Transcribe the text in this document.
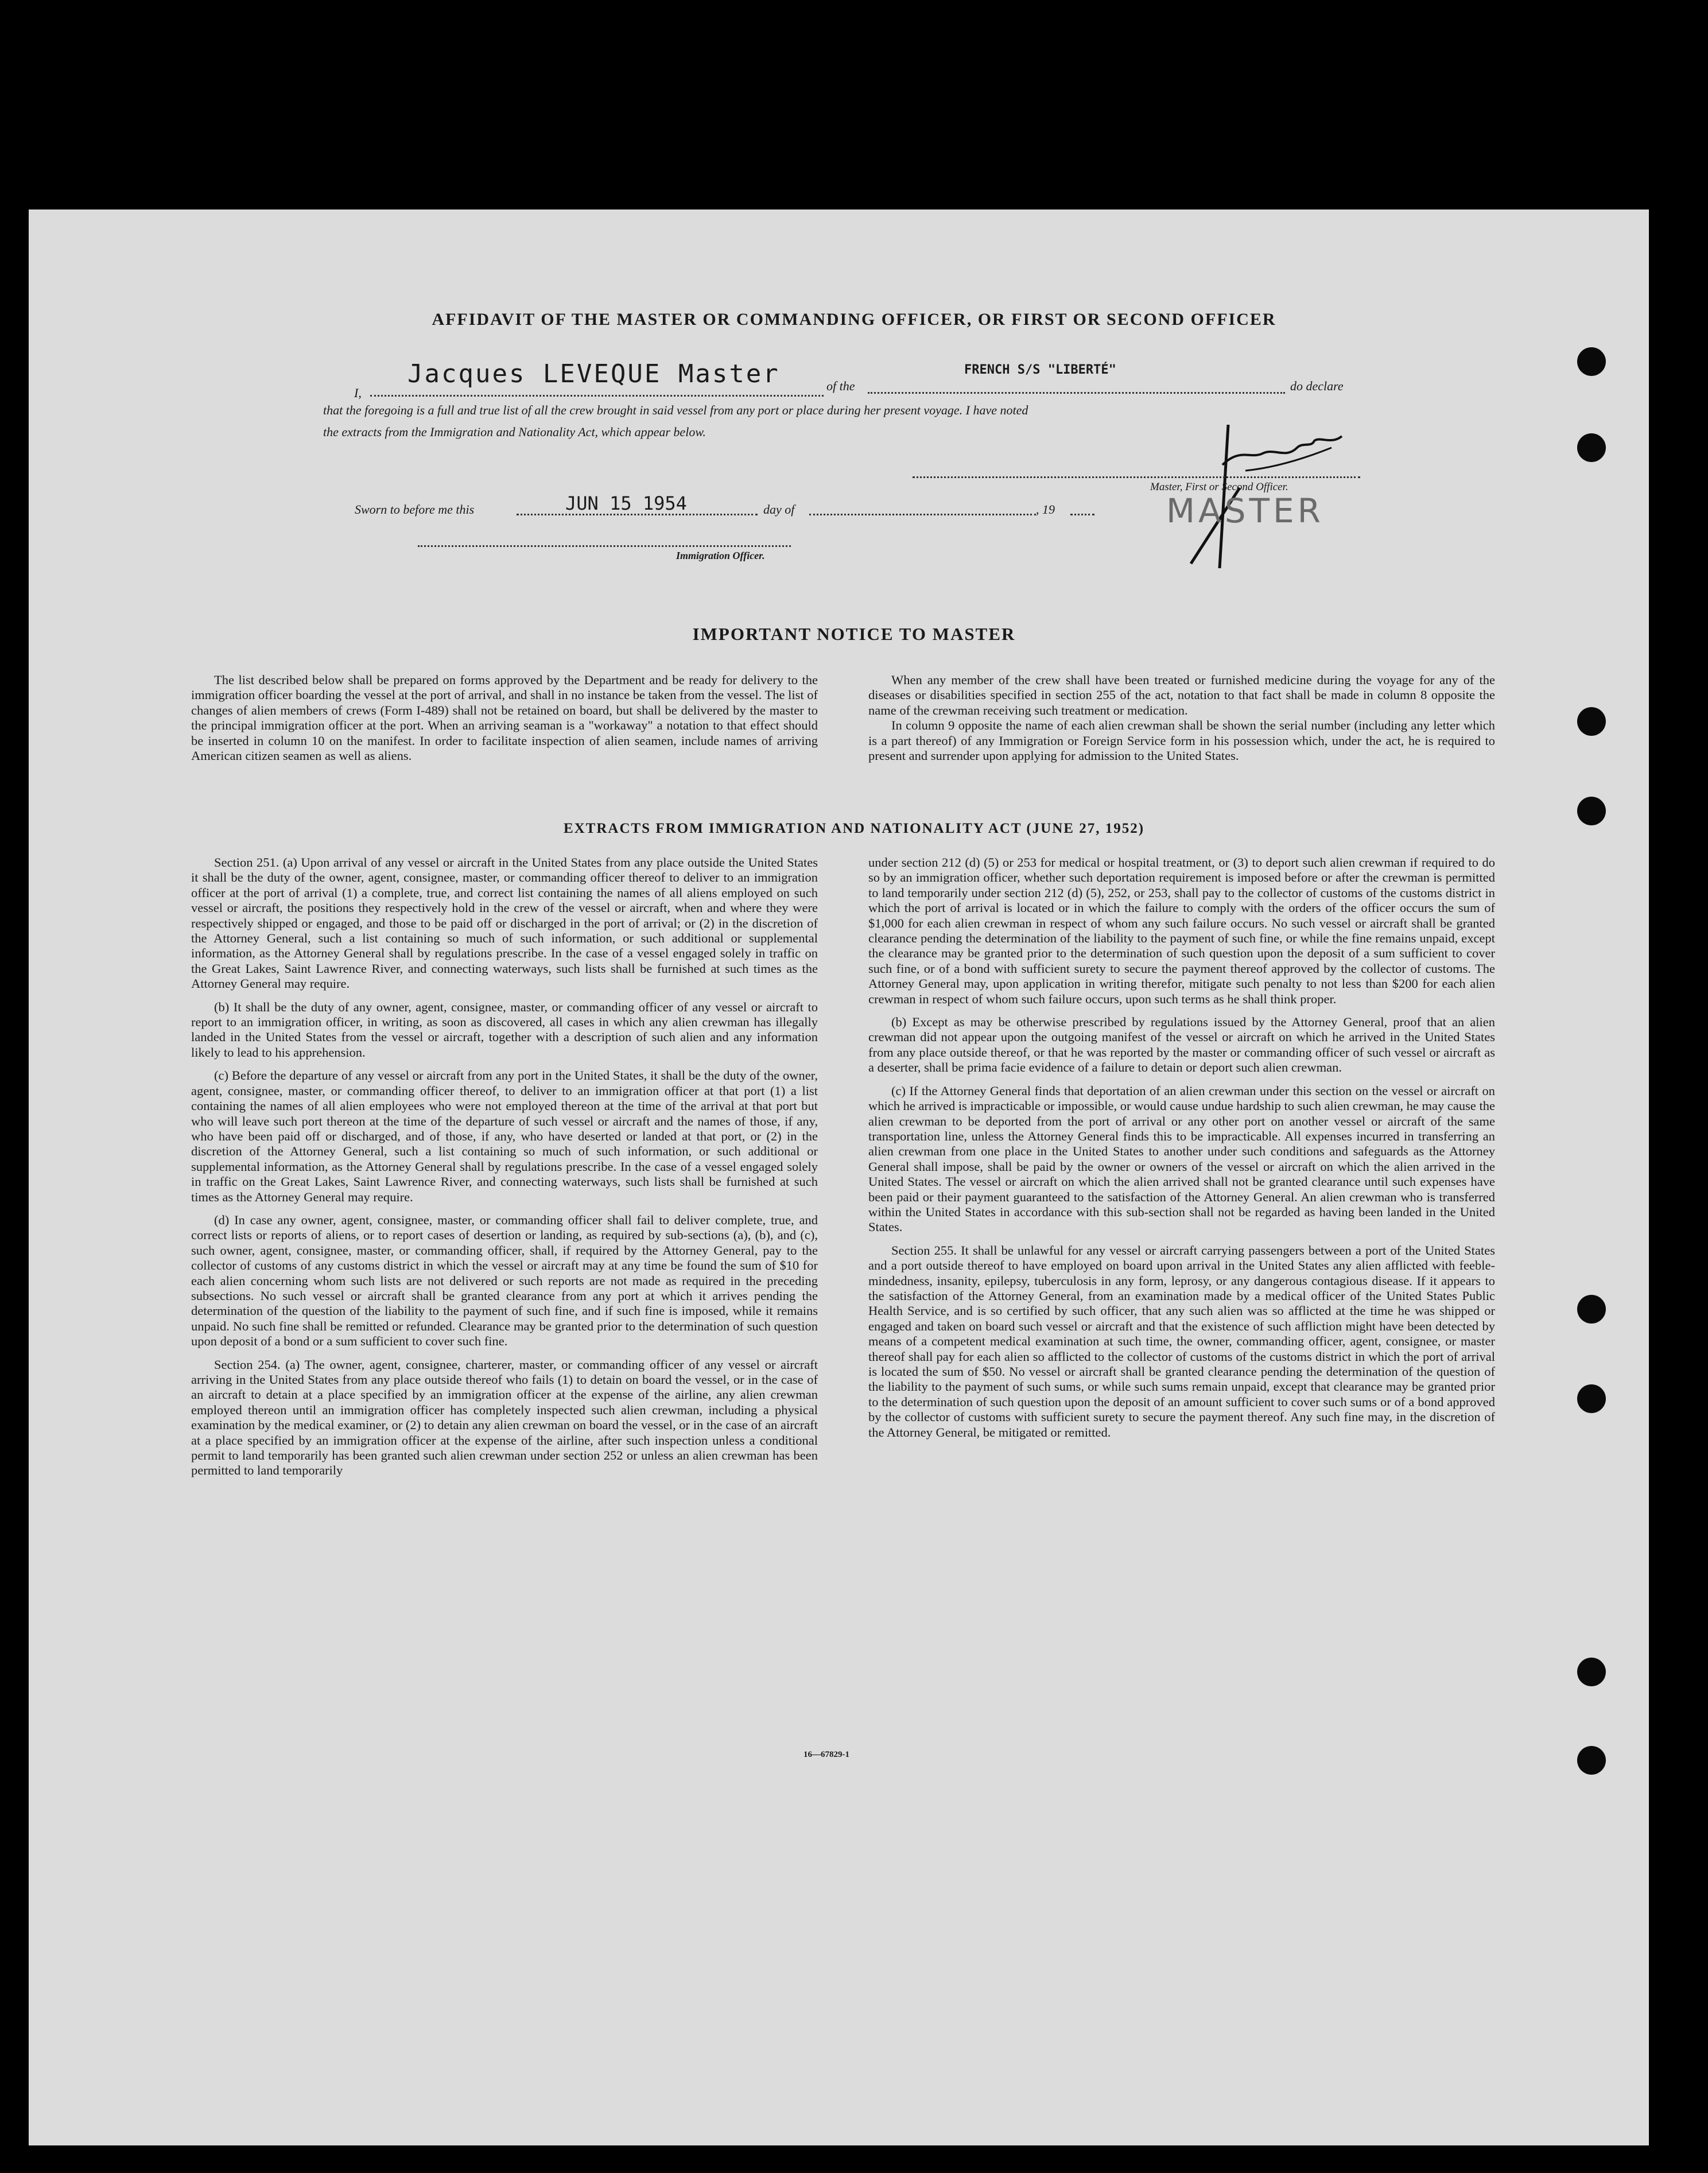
AFFIDAVIT OF THE MASTER OR COMMANDING OFFICER, OR FIRST OR SECOND OFFICER
I,
Jacques LEVEQUE Master	of the
FRENCH S/S "LIBERTÉ"
do declare
that the foregoing is a full and true list of all the crew brought in said vessel from any port or place during her present voyage. I have noted
the extracts from the Immigration and Nationality Act, which appear below.
Master, First or Second Officer.
MASTER
Sworn to before me this	JUN 15 1954	day of	, 19
Immigration Officer.
IMPORTANT NOTICE TO MASTER

The list described below shall be prepared on forms approved by the Department and be ready for delivery to the immigration officer boarding the vessel at the port of arrival, and shall in no instance be taken from the vessel. The list of changes of alien members of crews (Form I-489) shall not be retained on board, but shall be delivered by the master to the principal immigration officer at the port. When an arriving seaman is a "workaway" a notation to that effect should be inserted in column 10 on the manifest. In order to facilitate inspection of alien seamen, include names of arriving American citizen seamen as well as aliens.

When any member of the crew shall have been treated or furnished medicine during the voyage for any of the diseases or disabilities specified in section 255 of the act, notation to that fact shall be made in column 8 opposite the name of the crewman receiving such treatment or medication.

In column 9 opposite the name of each alien crewman shall be shown the serial number (including any letter which is a part thereof) of any Immigration or Foreign Service form in his possession which, under the act, he is required to present and surrender upon applying for admission to the United States.

EXTRACTS FROM IMMIGRATION AND NATIONALITY ACT (JUNE 27, 1952)

Section 251. (a) Upon arrival of any vessel or aircraft in the United States from any place outside the United States it shall be the duty of the owner, agent, consignee, master, or commanding officer thereof to deliver to an immigration officer at the port of arrival (1) a complete, true, and correct list containing the names of all aliens employed on such vessel or aircraft, the positions they respectively hold in the crew of the vessel or aircraft, when and where they were respectively shipped or engaged, and those to be paid off or discharged in the port of arrival; or (2) in the discretion of the Attorney General, such a list containing so much of such information, or such additional or supplemental information, as the Attorney General shall by regulations prescribe. In the case of a vessel engaged solely in traffic on the Great Lakes, Saint Lawrence River, and connecting waterways, such lists shall be furnished at such times as the Attorney General may require.

(b) It shall be the duty of any owner, agent, consignee, master, or commanding officer of any vessel or aircraft to report to an immigration officer, in writing, as soon as discovered, all cases in which any alien crewman has illegally landed in the United States from the vessel or aircraft, together with a description of such alien and any information likely to lead to his apprehension.

(c) Before the departure of any vessel or aircraft from any port in the United States, it shall be the duty of the owner, agent, consignee, master, or commanding officer thereof, to deliver to an immigration officer at that port (1) a list containing the names of all alien employees who were not employed thereon at the time of the arrival at that port but who will leave such port thereon at the time of the departure of such vessel or aircraft and the names of those, if any, who have been paid off or discharged, and of those, if any, who have deserted or landed at that port, or (2) in the discretion of the Attorney General, such a list containing so much of such information, or such additional or supplemental information, as the Attorney General shall by regulations prescribe. In the case of a vessel engaged solely in traffic on the Great Lakes, Saint Lawrence River, and connecting waterways, such lists shall be furnished at such times as the Attorney General may require.

(d) In case any owner, agent, consignee, master, or commanding officer shall fail to deliver complete, true, and correct lists or reports of aliens, or to report cases of desertion or landing, as required by sub-sections (a), (b), and (c), such owner, agent, consignee, master, or commanding officer, shall, if required by the Attorney General, pay to the collector of customs of any customs district in which the vessel or aircraft may at any time be found the sum of $10 for each alien concerning whom such lists are not delivered or such reports are not made as required in the preceding subsections. No such vessel or aircraft shall be granted clearance from any port at which it arrives pending the determination of the question of the liability to the payment of such fine, and if such fine is imposed, while it remains unpaid. No such fine shall be remitted or refunded. Clearance may be granted prior to the determination of such question upon deposit of a bond or a sum sufficient to cover such fine.

Section 254. (a) The owner, agent, consignee, charterer, master, or commanding officer of any vessel or aircraft arriving in the United States from any place outside thereof who fails (1) to detain on board the vessel, or in the case of an aircraft to detain at a place specified by an immigration officer at the expense of the airline, any alien crewman employed thereon until an immigration officer has completely inspected such alien crewman, including a physical examination by the medical examiner, or (2) to detain any alien crewman on board the vessel, or in the case of an aircraft at a place specified by an immigration officer at the expense of the airline, after such inspection unless a conditional permit to land temporarily has been granted such alien crewman under section 252 or unless an alien crewman has been permitted to land temporarily

under section 212 (d) (5) or 253 for medical or hospital treatment, or (3) to deport such alien crewman if required to do so by an immigration officer, whether such deportation requirement is imposed before or after the crewman is permitted to land temporarily under section 212 (d) (5), 252, or 253, shall pay to the collector of customs of the customs district in which the port of arrival is located or in which the failure to comply with the orders of the officer occurs the sum of $1,000 for each alien crewman in respect of whom any such failure occurs. No such vessel or aircraft shall be granted clearance pending the determination of the liability to the payment of such fine, or while the fine remains unpaid, except the clearance may be granted prior to the determination of such question upon the deposit of a sum sufficient to cover such fine, or of a bond with sufficient surety to secure the payment thereof approved by the collector of customs. The Attorney General may, upon application in writing therefor, mitigate such penalty to not less than $200 for each alien crewman in respect of whom such failure occurs, upon such terms as he shall think proper.

(b) Except as may be otherwise prescribed by regulations issued by the Attorney General, proof that an alien crewman did not appear upon the outgoing manifest of the vessel or aircraft on which he arrived in the United States from any place outside thereof, or that he was reported by the master or commanding officer of such vessel or aircraft as a deserter, shall be prima facie evidence of a failure to detain or deport such alien crewman.

(c) If the Attorney General finds that deportation of an alien crewman under this section on the vessel or aircraft on which he arrived is impracticable or impossible, or would cause undue hardship to such alien crewman, he may cause the alien crewman to be deported from the port of arrival or any other port on another vessel or aircraft of the same transportation line, unless the Attorney General finds this to be impracticable. All expenses incurred in transferring an alien crewman from one place in the United States to another under such conditions and safeguards as the Attorney General shall impose, shall be paid by the owner or owners of the vessel or aircraft on which the alien arrived in the United States. The vessel or aircraft on which the alien arrived shall not be granted clearance until such expenses have been paid or their payment guaranteed to the satisfaction of the Attorney General. An alien crewman who is transferred within the United States in accordance with this sub-section shall not be regarded as having been landed in the United States.

Section 255. It shall be unlawful for any vessel or aircraft carrying passengers between a port of the United States and a port outside thereof to have employed on board upon arrival in the United States any alien afflicted with feeble-mindedness, insanity, epilepsy, tuberculosis in any form, leprosy, or any dangerous contagious disease. If it appears to the satisfaction of the Attorney General, from an examination made by a medical officer of the United States Public Health Service, and is so certified by such officer, that any such alien was so afflicted at the time he was shipped or engaged and taken on board such vessel or aircraft and that the existence of such affliction might have been detected by means of a competent medical examination at such time, the owner, commanding officer, agent, consignee, or master thereof shall pay for each alien so afflicted to the collector of customs of the customs district in which the port of arrival is located the sum of $50. No vessel or aircraft shall be granted clearance pending the determination of the question of the liability to the payment of such sums, or while such sums remain unpaid, except that clearance may be granted prior to the determination of such question upon the deposit of an amount sufficient to cover such sums or of a bond approved by the collector of customs with sufficient surety to secure the payment thereof. Any such fine may, in the discretion of the Attorney General, be mitigated or remitted.

16—67829-1
